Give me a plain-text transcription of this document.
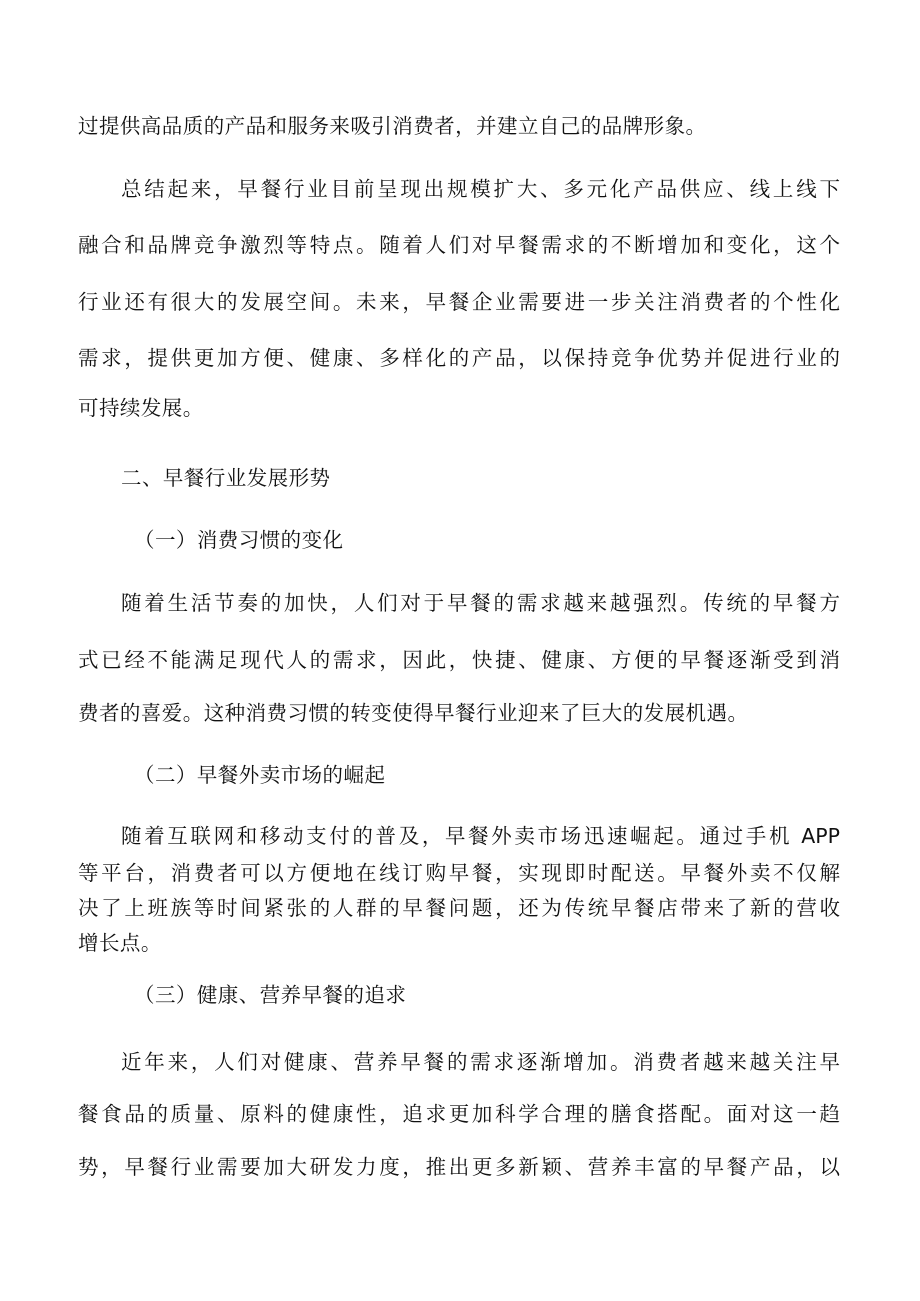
过提供高品质的产品和服务来吸引消费者，并建立自己的品牌形象。
总结起来，早餐行业目前呈现出规模扩大、多元化产品供应、线上线下
融合和品牌竞争激烈等特点。随着人们对早餐需求的不断增加和变化，这个
行业还有很大的发展空间。未来，早餐企业需要进一步关注消费者的个性化
需求，提供更加方便、健康、多样化的产品，以保持竞争优势并促进行业的
可持续发展。
二、早餐行业发展形势
（一）消费习惯的变化
随着生活节奏的加快，人们对于早餐的需求越来越强烈。传统的早餐方
式已经不能满足现代人的需求，因此，快捷、健康、方便的早餐逐渐受到消
费者的喜爱。这种消费习惯的转变使得早餐行业迎来了巨大的发展机遇。
（二）早餐外卖市场的崛起
随着互联网和移动支付的普及，早餐外卖市场迅速崛起。通过手机 APP
等平台，消费者可以方便地在线订购早餐，实现即时配送。早餐外卖不仅解
决了上班族等时间紧张的人群的早餐问题，还为传统早餐店带来了新的营收
增长点。
（三）健康、营养早餐的追求
近年来，人们对健康、营养早餐的需求逐渐增加。消费者越来越关注早
餐食品的质量、原料的健康性，追求更加科学合理的膳食搭配。面对这一趋
势，早餐行业需要加大研发力度，推出更多新颖、营养丰富的早餐产品，以
